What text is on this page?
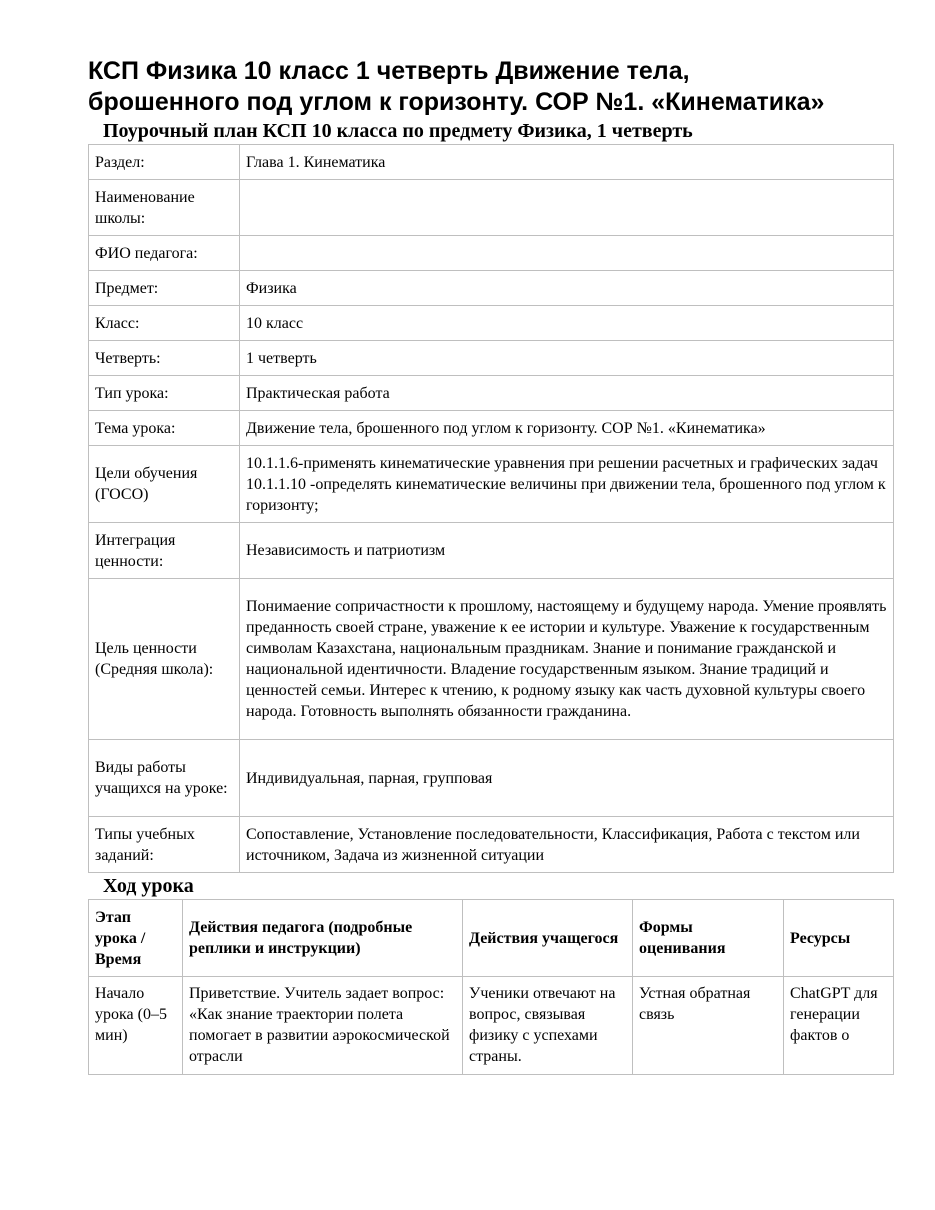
КСП Физика 10 класс 1 четверть Движение тела, брошенного под углом к горизонту. СОР №1. «Кинематика»
Поурочный план КСП 10 класса по предмету Физика, 1 четверть
Раздел:	Глава 1. Кинематика
Наименование школы:	
ФИО педагога:	
Предмет:	Физика
Класс:	10 класс
Четверть:	1 четверть
Тип урока:	Практическая работа
Тема урока:	Движение тела, брошенного под углом к горизонту. СОР №1. «Кинематика»
Цели обучения (ГОСО)	10.1.1.6-применять кинематические уравнения при решении расчетных и графических задач 10.1.1.10 -определять кинематические величины при движении тела, брошенного под углом к горизонту;
Интеграция ценности:	Независимость и патриотизм
Цель ценности (Средняя школа):	Понимаение сопричастности к прошлому, настоящему и будущему народа. Умение проявлять преданность своей стране, уважение к ее истории и культуре. Уважение к государственным символам Казахстана, национальным праздникам. Знание и понимание гражданской и национальной идентичности. Владение государственным языком. Знание традиций и ценностей семьи. Интерес к чтению, к родному языку как часть духовной культуры своего народа. Готовность выполнять обязанности гражданина.
Виды работы учащихся на уроке:	Индивидуальная, парная, групповая
Типы учебных заданий:	Сопоставление, Установление последовательности, Классификация, Работа с текстом или источником, Задача из жизненной ситуации
Ход урока
Этап урока / Время	Действия педагога (подробные реплики и инструкции)	Действия учащегося	Формы оценивания	Ресурсы

Начало урока (0–5 мин)	Приветствие. Учитель задает вопрос: «Как знание траектории полета помогает в развитии аэрокосмической отрасли	Ученики отвечают на вопрос, связывая физику с успехами страны.	Устная обратная связь	ChatGPT для генерации фактов о
